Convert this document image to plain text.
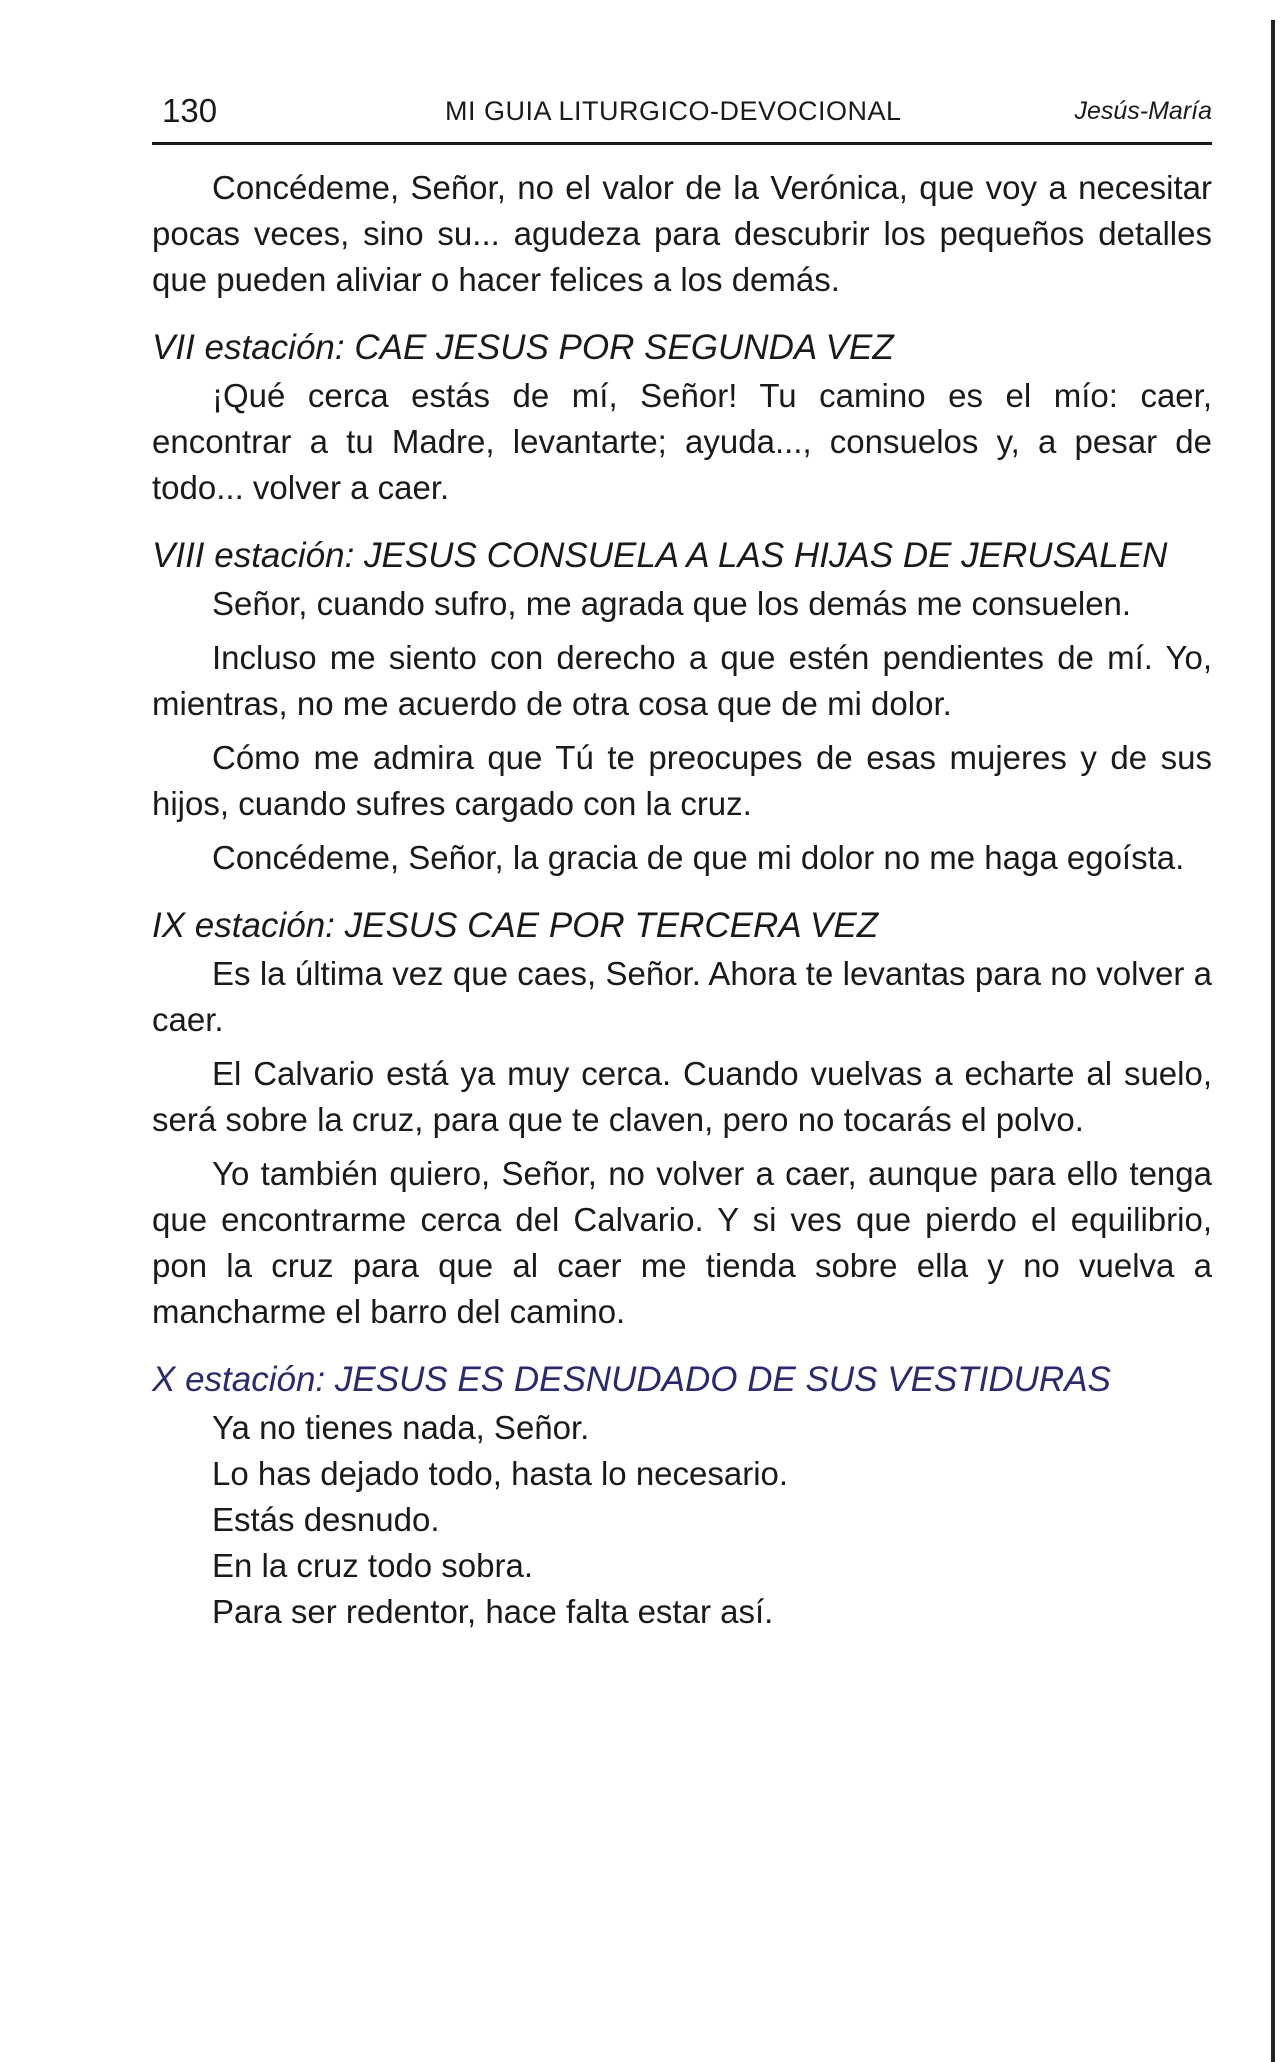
130	MI GUIA LITURGICO-DEVOCIONAL	Jesús-María

Concédeme, Señor, no el valor de la Verónica, que voy a necesitar pocas veces, sino su... agudeza para descubrir los pequeños detalles que pueden aliviar o hacer felices a los demás.

VII estación: CAE JESUS POR SEGUNDA VEZ

¡Qué cerca estás de mí, Señor! Tu camino es el mío: caer, encontrar a tu Madre, levantarte; ayuda..., consuelos y, a pesar de todo... volver a caer.

VIII estación: JESUS CONSUELA A LAS HIJAS DE JERUSALEN

Señor, cuando sufro, me agrada que los demás me consuelen.

Incluso me siento con derecho a que estén pendientes de mí. Yo, mientras, no me acuerdo de otra cosa que de mi dolor.

Cómo me admira que Tú te preocupes de esas mujeres y de sus hijos, cuando sufres cargado con la cruz.

Concédeme, Señor, la gracia de que mi dolor no me haga egoísta.

IX estación: JESUS CAE POR TERCERA VEZ

Es la última vez que caes, Señor. Ahora te levantas para no volver a caer.

El Calvario está ya muy cerca. Cuando vuelvas a echarte al suelo, será sobre la cruz, para que te claven, pero no tocarás el polvo.

Yo también quiero, Señor, no volver a caer, aunque para ello tenga que encontrarme cerca del Calvario. Y si ves que pierdo el equilibrio, pon la cruz para que al caer me tienda sobre ella y no vuelva a mancharme el barro del camino.

X estación: JESUS ES DESNUDADO DE SUS VESTIDURAS
Ya no tienes nada, Señor.
Lo has dejado todo, hasta lo necesario.
Estás desnudo.
En la cruz todo sobra.
Para ser redentor, hace falta estar así.
